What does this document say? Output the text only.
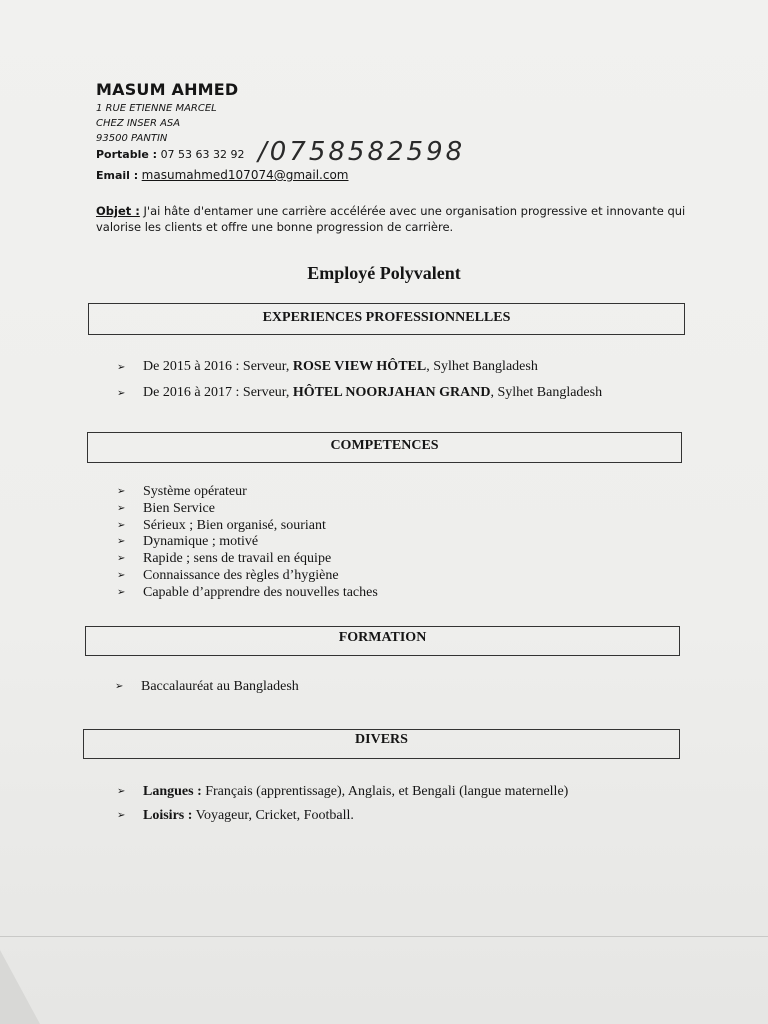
MASUM AHMED
1 RUE ETIENNE MARCEL
CHEZ INSER ASA
93500 PANTIN
Portable : 07 53 63 32 92 /0758582598
Email : masumahmed107074@gmail.com
Objet : J'ai hâte d'entamer une carrière accélérée avec une organisation progressive et innovante qui valorise les clients et offre une bonne progression de carrière.
Employé Polyvalent
EXPERIENCES PROFESSIONNELLES
➢ De 2015 à 2016 : Serveur, ROSE VIEW HÔTEL, Sylhet Bangladesh
➢ De 2016 à 2017 : Serveur, HÔTEL NOORJAHAN GRAND, Sylhet Bangladesh
COMPETENCES
➢ Système opérateur
➢ Bien Service
➢ Sérieux ; Bien organisé, souriant
➢ Dynamique ; motivé
➢ Rapide ; sens de travail en équipe
➢ Connaissance des règles d’hygiène
➢ Capable d’apprendre des nouvelles taches
FORMATION
➢ Baccalauréat au Bangladesh
DIVERS
➢ Langues : Français (apprentissage), Anglais, et Bengali (langue maternelle)
➢ Loisirs : Voyageur, Cricket, Football.
